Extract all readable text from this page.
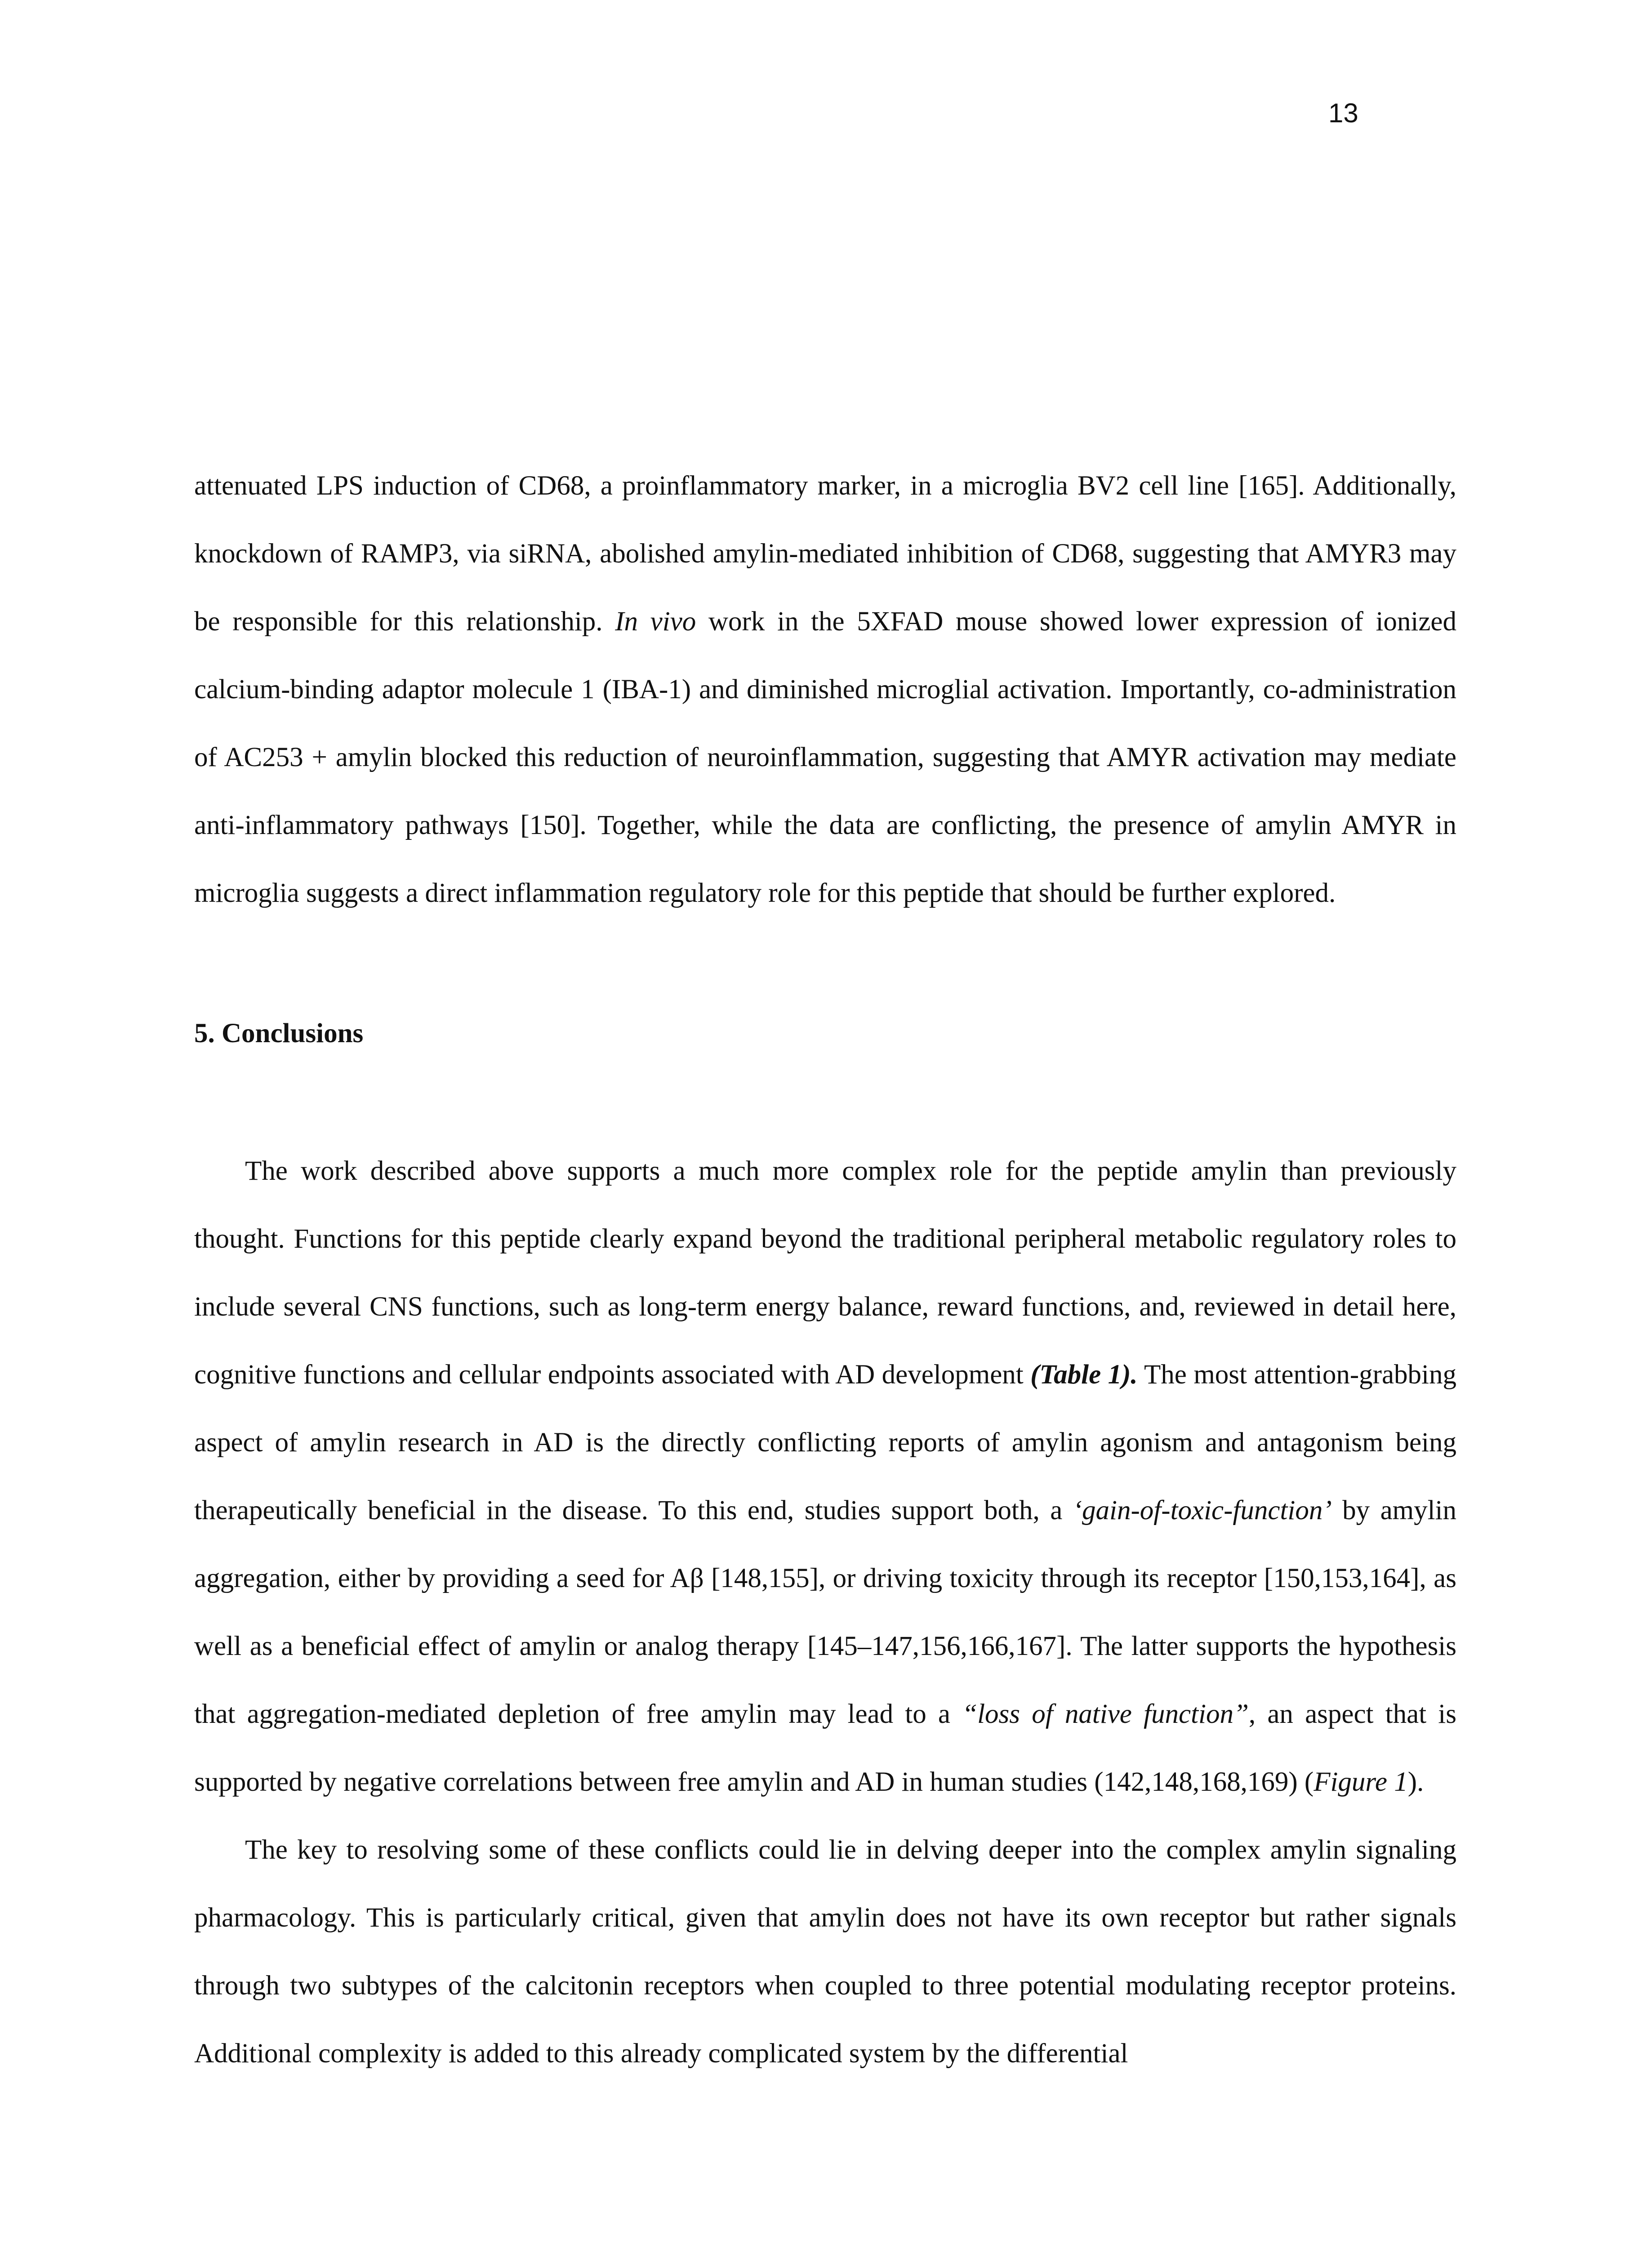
13

attenuated LPS induction of CD68, a proinflammatory marker, in a microglia BV2 cell line [165]. Additionally, knockdown of RAMP3, via siRNA, abolished amylin-mediated inhibition of CD68, suggesting that AMYR3 may be responsible for this relationship. In vivo work in the 5XFAD mouse showed lower expression of ionized calcium-binding adaptor molecule 1 (IBA-1) and diminished microglial activation. Importantly, co-administration of AC253 + amylin blocked this reduction of neuroinflammation, suggesting that AMYR activation may mediate anti-inflammatory pathways [150]. Together, while the data are conflicting, the presence of amylin AMYR in microglia suggests a direct inflammation regulatory role for this peptide that should be further explored.

5. Conclusions

The work described above supports a much more complex role for the peptide amylin than previously thought. Functions for this peptide clearly expand beyond the traditional peripheral metabolic regulatory roles to include several CNS functions, such as long-term energy balance, reward functions, and, reviewed in detail here, cognitive functions and cellular endpoints associated with AD development (Table 1). The most attention-grabbing aspect of amylin research in AD is the directly conflicting reports of amylin agonism and antagonism being therapeutically beneficial in the disease. To this end, studies support both, a ‘gain-of-toxic-function’ by amylin aggregation, either by providing a seed for Aβ [148,155], or driving toxicity through its receptor [150,153,164], as well as a beneficial effect of amylin or analog therapy [145–147,156,166,167]. The latter supports the hypothesis that aggregation-mediated depletion of free amylin may lead to a “loss of native function”, an aspect that is supported by negative correlations between free amylin and AD in human studies (142,148,168,169) (Figure 1).

The key to resolving some of these conflicts could lie in delving deeper into the complex amylin signaling pharmacology. This is particularly critical, given that amylin does not have its own receptor but rather signals through two subtypes of the calcitonin receptors when coupled to three potential modulating receptor proteins. Additional complexity is added to this already complicated system by the differential
